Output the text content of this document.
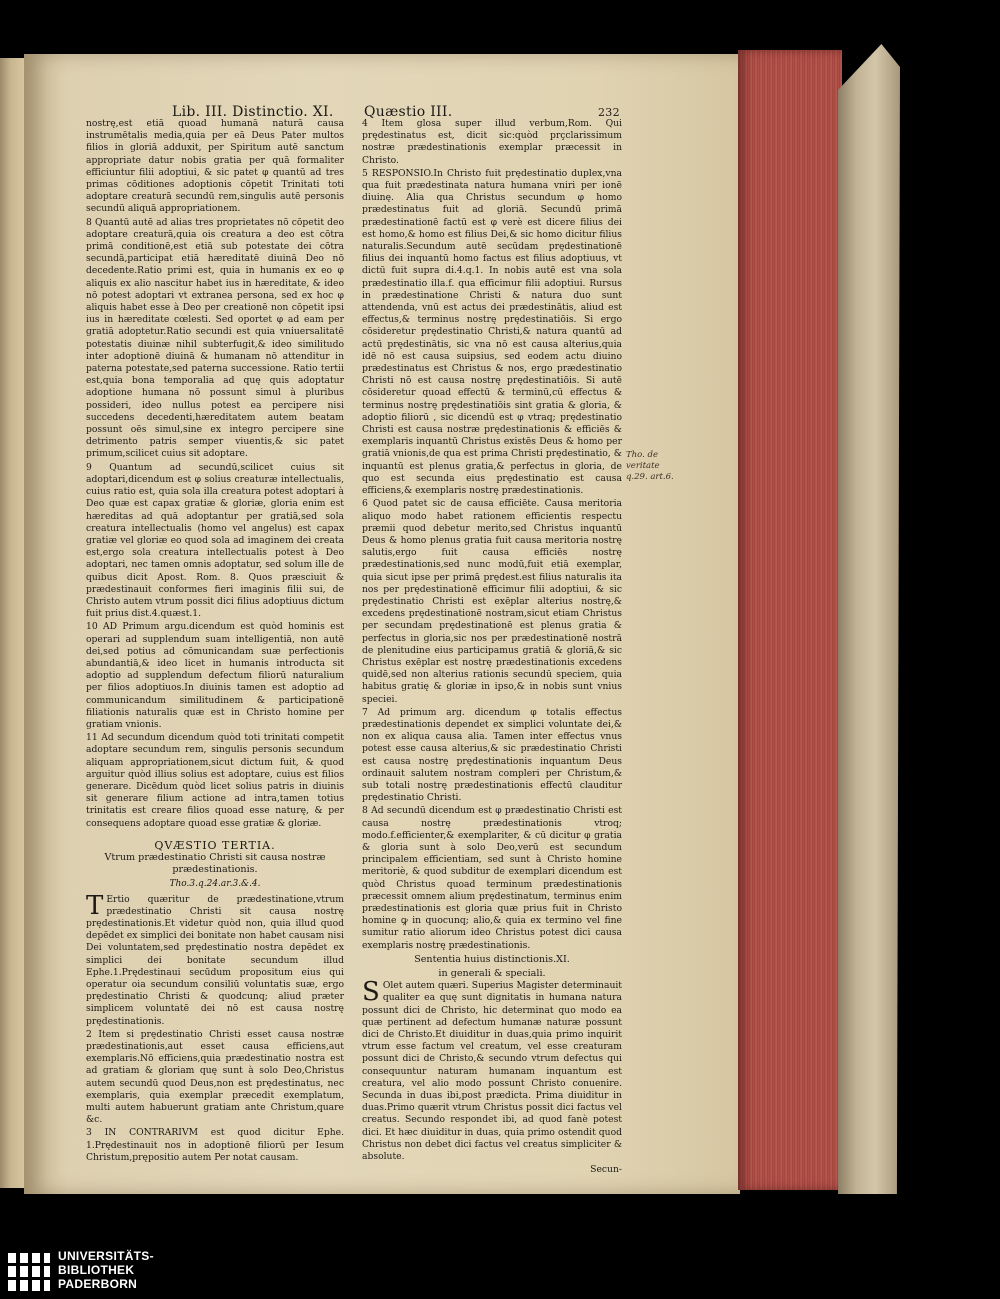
Lib. III. Distinctio. XI. Quæstio III.	232

nostrę,est etiā quoad humanā naturā causa instrumētalis media,quia per eā Deus Pater multos filios in gloriā adduxit, per Spiritum autē sanctum appropriate datur nobis gratia per quā formaliter efficiuntur filii adoptiui, & sic patet φ quantū ad tres primas cōditiones adoptionis cōpetit Trinitati toti adoptare creaturā secundū rem,singulis autē personis secundū aliquā appropriationem.

8 Quantū autē ad alias tres proprietates nō cōpetit deo adoptare creaturā,quia ois creatura a deo est cōtra primā conditionē,est etiā sub potestate dei cōtra secundā,participat etiā hæreditatē diuinā Deo nō decedente.Ratio primi est, quia in humanis ex eo φ aliquis ex alio nascitur habet ius in hæreditate, & ideo nō potest adoptari vt extranea persona, sed ex hoc φ aliquis habet esse à Deo per creationē non cōpetit ipsi ius in hæreditate cœlesti. Sed oportet φ ad eam per gratiā adoptetur.Ratio secundi est quia vniuersalitatē potestatis diuinæ nihil subterfugit,& ideo similitudo inter adoptionē diuinā & humanam nō attenditur in paterna potestate,sed paterna successione. Ratio tertii est,quia bona temporalia ad quę quis adoptatur adoptione humana nō possunt simul à pluribus possideri, ideo nullus potest ea percipere nisi succedens decedenti,hæreditatem autem beatam possunt oēs simul,sine ex integro percipere sine detrimento patris semper viuentis,& sic patet primum,scilicet cuius sit adoptare.

9 Quantum ad secundū,scilicet cuius sit adoptari,dicendum est φ solius creaturæ intellectualis, cuius ratio est, quia sola illa creatura potest adoptari à Deo quæ est capax gratiæ & gloriæ, gloria enim est hæreditas ad quā adoptantur per gratiā,sed sola creatura intellectualis (homo vel angelus) est capax gratiæ vel gloriæ eo quod sola ad imaginem dei creata est,ergo sola creatura intellectualis potest à Deo adoptari, nec tamen omnis adoptatur, sed solum ille de quibus dicit Apost. Rom. 8. Quos præsciuit & prædestinauit conformes fieri imaginis filii sui, de Christo autem vtrum possit dici filius adoptiuus dictum fuit prius dist.4.quæst.1.

10 AD Primum argu.dicendum est quòd hominis est operari ad supplendum suam intelligentiā, non autē dei,sed potius ad cōmunicandam suæ perfectionis abundantiā,& ideo licet in humanis introducta sit adoptio ad supplendum defectum filiorū naturalium per filios adoptiuos.In diuinis tamen est adoptio ad communicandum similitudinem & participationē filiationis naturalis quæ est in Christo homine per gratiam vnionis.

11 Ad secundum dicendum quòd toti trinitati competit adoptare secundum rem, singulis personis secundum aliquam appropriationem,sicut dictum fuit, & quod arguitur quòd illius solius est adoptare, cuius est filios generare. Dicēdum quòd licet solius patris in diuinis sit generare filium actione ad intra,tamen totius trinitatis est creare filios quoad esse naturę, & per consequens adoptare quoad esse gratiæ & gloriæ.

QVÆSTIO TERTIA.
Vtrum prædestinatio Christi sit causa nostræ prædestinationis.
Tho.3.q.24.ar.3.&.4.

T Ertio quæritur de prædestinatione,vtrum prædestinatio Christi sit causa nostrę prędestinationis.Et videtur quòd non, quia illud quod depēdet ex simplici dei bonitate non habet causam nisi Dei voluntatem,sed prędestinatio nostra depēdet ex simplici dei bonitate secundum illud Ephe.1.Prędestinaui secūdum propositum eius qui operatur oia secundum consiliū voluntatis suæ, ergo prędestinatio Christi & quodcunq; aliud præter simplicem voluntatē dei nō est causa nostrę prędestinationis.

2 Item si prędestinatio Christi esset causa nostræ prædestinationis,aut esset causa efficiens,aut exemplaris.Nō efficiens,quia prædestinatio nostra est ad gratiam & gloriam quę sunt à solo Deo,Christus autem secundū quod Deus,non est prędestinatus, nec exemplaris, quia exemplar præcedit exemplatum, multi autem habuerunt gratiam ante Christum,quare &c.

3 IN CONTRARIVM est quod dicitur Ephe. 1.Prędestinauit nos in adoptionē filiorū per Iesum Christum,prępositio autem Per notat causam.

4 Item glosa super illud verbum,Rom. Qui prędestinatus est, dicit sic:quòd prçclarissimum nostræ prædestinationis exemplar præcessit in Christo.

5 RESPONSIO.In Christo fuit prędestinatio duplex,vna qua fuit prædestinata natura humana vniri per ionē diuinę. Alia qua Christus secundum φ homo prædestinatus fuit ad gloriā. Secundū primā prædestinationē factū est φ verè est dicere filius dei est homo,& homo est filius Dei,& sic homo dicitur filius naturalis.Secundum autē secūdam prędestinationē filius dei inquantū homo factus est filius adoptiuus, vt dictū fuit supra di.4.q.1. In nobis autē est vna sola prædestinatio illa.f. qua efficimur filii adoptiui. Rursus in prædestinatione Christi & natura duo sunt attendenda, vnū est actus dei prædestinātis, aliud est effectus,& terminus nostrę prędestinatiōis. Si ergo cōsideretur prędestinatio Christi,& natura quantū ad actū prędestinātis, sic vna nō est causa alterius,quia idē nō est causa suipsius, sed eodem actu diuino prædestinatus est Christus & nos, ergo prædestinatio Christi nō est causa nostrę prędestinatiōis. Si autē cōsideretur quoad effectū & terminū,cū effectus & terminus nostrę prędestinatiōis sint gratia & gloria, & adoptio filiorū , sic dicendū est φ vtraq; prędestinatio Christi est causa nostræ prędestinationis & efficiēs & exemplaris inquantū Christus existēs Deus & homo per gratiā vnionis,de qua est prima Christi prędestinatio, & inquantū est plenus gratia,& perfectus in gloria, de quo est secunda eius prędestinatio est causa efficiens,& exemplaris nostrę prædestinationis.

6 Quod patet sic de causa efficiēte. Causa meritoria aliquo modo habet rationem efficientis respectu præmii quod debetur merito,sed Christus inquantū Deus & homo plenus gratia fuit causa meritoria nostrę salutis,ergo fuit causa efficiēs nostrę prædestinationis,sed nunc modū,fuit etiā exemplar, quia sicut ipse per primā prędest.est filius naturalis ita nos per prędestinationē efficimur filii adoptiui, & sic prędestinatio Christi est exēplar alterius nostrę,& excedens prędestinationē nostram,sicut etiam Christus per secundam prędestinationē est plenus gratia & perfectus in gloria,sic nos per prædestinationē nostrā de plenitudine eius participamus gratiā & gloriā,& sic Christus exēplar est nostrę prædestinationis excedens quidē,sed non alterius rationis secundū speciem, quia habitus gratię & gloriæ in ipso,& in nobis sunt vnius speciei.

7 Ad primum arg. dicendum φ totalis effectus prædestinationis dependet ex simplici voluntate dei,& non ex aliqua causa alia. Tamen inter effectus vnus potest esse causa alterius,& sic prædestinatio Christi est causa nostrę prędestinationis inquantum Deus ordinauit salutem nostram compleri per Christum,& sub totali nostrę prædestinationis effectū clauditur prędestinatio Christi.

8 Ad secundū dicendum est φ prædestinatio Christi est causa nostrę prædestinationis vtroq; modo.f.efficienter,& exemplariter, & cū dicitur φ gratia & gloria sunt à solo Deo,verū est secundum principalem efficientiam, sed sunt à Christo homine meritoriè, & quod subditur de exemplari dicendum est quòd Christus quoad terminum prædestinationis præcessit omnem alium prędestinatum, terminus enim prædestinationis est gloria quæ prius fuit in Christo homine ꝙ in quocunq; alio,& quia ex termino vel fine sumitur ratio aliorum ideo Christus potest dici causa exemplaris nostrę prædestinationis.

Sententia huius distinctionis.XI.
in generali & speciali.

S Olet autem quæri. Superius Magister determinauit qualiter ea quę sunt dignitatis in humana natura possunt dici de Christo, hic determinat quo modo ea quæ pertinent ad defectum humanæ naturæ possunt dici de Christo.Et diuiditur in duas,quia primo inquirit vtrum esse factum vel creatum, vel esse creaturam possunt dici de Christo,& secundo vtrum defectus qui consequuntur naturam humanam inquantum est creatura, vel alio modo possunt Christo conuenire. Secunda in duas ibi,post prædicta. Prima diuiditur in duas.Primo quærit vtrum Christus possit dici factus vel creatus. Secundo respondet ibi, ad quod fanè potest dici. Et hæc diuiditur in duas, quia primo ostendit quod Christus non debet dici factus vel creatus simpliciter & absolute.

Secun-

Tho. de veritate q.29. art.6.
UNIVERSITÄTS-
BIBLIOTHEK
PADERBORN
